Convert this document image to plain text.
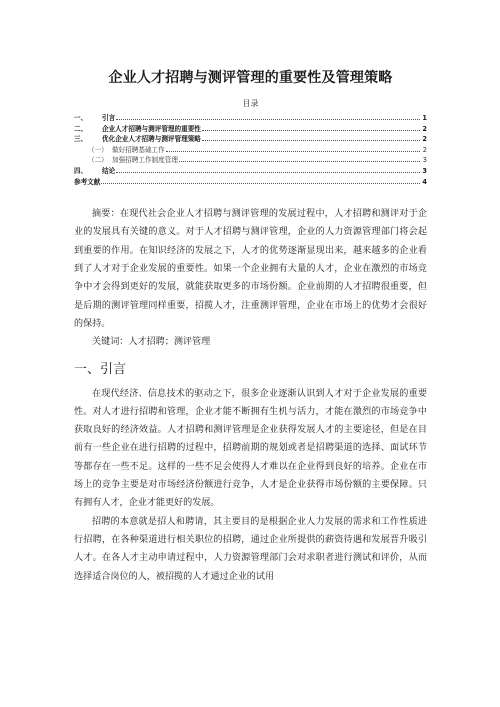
企业人才招聘与测评管理的重要性及管理策略
目录
一、	引言	1
二、	企业人才招聘与测评管理的重要性	2
三、	优化企业人才招聘与测评管理策略	2
（一） 做好招聘基础工作	2
（二） 加强招聘工作制度管理	3
四、	结论	3
参考文献	4

摘要：在现代社会企业人才招聘与测评管理的发展过程中，人才招聘和测评对于企业的发展具有关键的意义。对于人才招聘与测评管理，企业的人力资源管理部门将会起到重要的作用。在知识经济的发展之下，人才的优势逐渐显现出来，越来越多的企业看到了人才对于企业发展的重要性。如果一个企业拥有大量的人才，企业在激烈的市场竞争中才会得到更好的发展，就能获取更多的市场份额。企业前期的人才招聘很重要，但是后期的测评管理同样重要，招揽人才，注重测评管理，企业在市场上的优势才会很好的保持。

关键词：人才招聘；测评管理
一、引言

在现代经济、信息技术的驱动之下，很多企业逐渐认识到人才对于企业发展的重要性。对人才进行招聘和管理，企业才能不断拥有生机与活力，才能在激烈的市场竞争中获取良好的经济效益。人才招聘和测评管理是企业获得发展人才的主要途径，但是在目前有一些企业在进行招聘的过程中，招聘前期的规划或者是招聘渠道的选择、面试环节等都存在一些不足。这样的一些不足会使得人才难以在企业得到良好的培养。企业在市场上的竞争主要是对市场经济份额进行竞争，人才是企业获得市场份额的主要保障。只有拥有人才，企业才能更好的发展。

招聘的本意就是招人和聘请，其主要目的是根据企业人力发展的需求和工作性质进行招聘，在各种渠道进行相关职位的招聘，通过企业所提供的薪资待遇和发展晋升吸引人才。在各人才主动申请过程中，人力资源管理部门会对求职者进行测试和评价，从而选择适合岗位的人，被招揽的人才通过企业的试用
